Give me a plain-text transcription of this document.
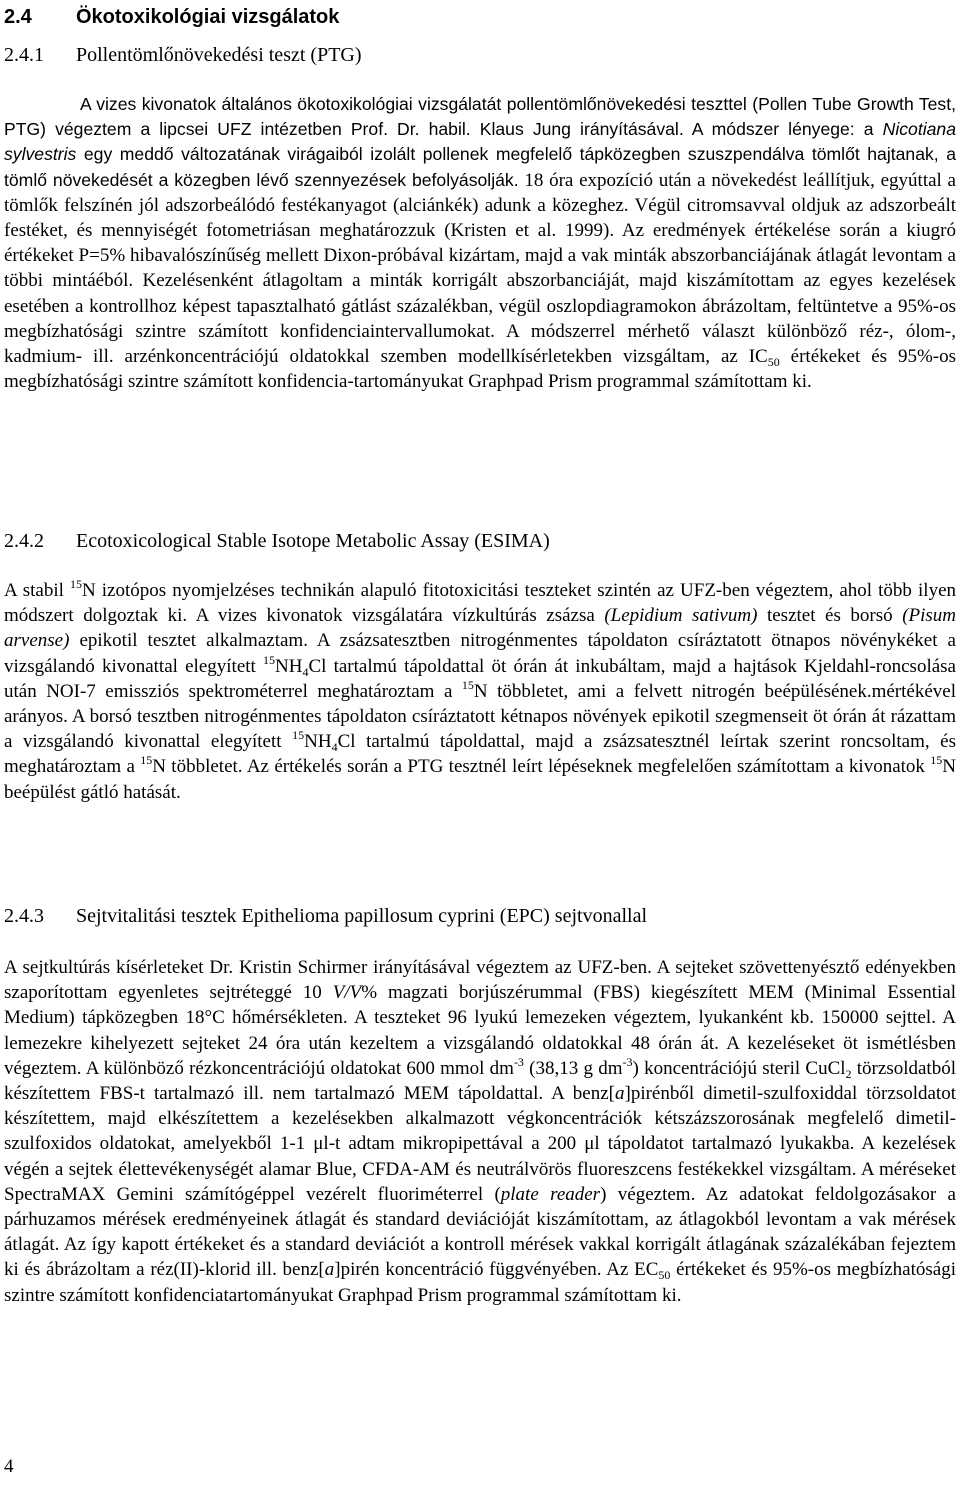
2.4 Ökotoxikológiai vizsgálatok
2.4.1 Pollentömlőnövekedési teszt (PTG)

A vizes kivonatok általános ökotoxikológiai vizsgálatát pollentömlőnövekedési teszttel (Pollen Tube Growth Test, PTG) végeztem a lipcsei UFZ intézetben Prof. Dr. habil. Klaus Jung irányításával. A módszer lényege: a Nicotiana sylvestris egy meddő változatának virágaiból izolált pollenek megfelelő tápközegben szuszpendálva tömlőt hajtanak, a tömlő növekedését a közegben lévő szennyezések befolyásolják. 18 óra expozíció után a növekedést leállítjuk, egyúttal a tömlők felszínén jól adszorbeálódó festékanyagot (alciánkék) adunk a közeghez. Végül citromsavval oldjuk az adszorbeált festéket, és mennyiségét fotometriásan meghatározzuk (Kristen et al. 1999). Az eredmények értékelése során a kiugró értékeket P=5% hibavalószínűség mellett Dixon-próbával kizártam, majd a vak minták abszorbanciájának átlagát levontam a többi mintáéból. Kezelésenként átlagoltam a minták korrigált abszorbanciáját, majd kiszámítottam az egyes kezelések esetében a kontrollhoz képest tapasztalható gátlást százalékban, végül oszlopdiagramokon ábrázoltam, feltüntetve a 95%-os megbízhatósági szintre számított konfidenciaintervallumokat. A módszerrel mérhető választ különböző réz-, ólom-, kadmium- ill. arzénkoncentrációjú oldatokkal szemben modellkísérletekben vizsgáltam, az $IC_{50}$ értékeket és 95%-os megbízhatósági szintre számított konfidencia-tartományukat Graphpad Prism programmal számítottam ki.

2.4.2 Ecotoxicological Stable Isotope Metabolic Assay (ESIMA)

A stabil $^{15}$N izotópos nyomjelzéses technikán alapuló fitotoxicitási teszteket szintén az UFZ-ben végeztem, ahol több ilyen módszert dolgoztak ki. A vizes kivonatok vizsgálatára vízkultúrás zsázsa (Lepidium sativum) tesztet és borsó (Pisum arvense) epikotil tesztet alkalmaztam. A zsázsatesztben nitrogénmentes tápoldaton csíráztatott ötnapos növénykéket a vizsgálandó kivonattal elegyített $^{15}NH_4Cl$ tartalmú tápoldattal öt órán át inkubáltam, majd a hajtások Kjeldahl-roncsolása után NOI-7 emissziós spektrométerrel meghatároztam a $^{15}$N többletet, ami a felvett nitrogén beépülésének.mértékével arányos. A borsó tesztben nitrogénmentes tápoldaton csíráztatott kétnapos növények epikotil szegmenseit öt órán át rázattam a vizsgálandó kivonattal elegyített $^{15}NH_4Cl$ tartalmú tápoldattal, majd a zsázsatesztnél leírtak szerint roncsoltam, és meghatároztam a $^{15}$N többletet. Az értékelés során a PTG tesztnél leírt lépéseknek megfelelően számítottam a kivonatok $^{15}$N beépülést gátló hatását.

2.4.3 Sejtvitalitási tesztek Epithelioma papillosum cyprini (EPC) sejtvonallal

A sejtkultúrás kísérleteket Dr. Kristin Schirmer irányításával végeztem az UFZ-ben. A sejteket szövettenyésztő edényekben szaporítottam egyenletes sejtréteggé 10 V/V% magzati borjúszérummal (FBS) kiegészített MEM (Minimal Essential Medium) tápközegben 18°C hőmérsékleten. A teszteket 96 lyukú lemezeken végeztem, lyukanként kb. 150000 sejttel. A lemezekre kihelyezett sejteket 24 óra után kezeltem a vizsgálandó oldatokkal 48 órán át. A kezeléseket öt ismétlésben végeztem. A különböző rézkoncentrációjú oldatokat 600 mmol $dm^{-3}$ (38,13 g $dm^{-3}$) koncentrációjú steril CuCl$_2$ törzsoldatból készítettem FBS-t tartalmazó ill. nem tartalmazó MEM tápoldattal. A benz[a]pirénből dimetil-szulfoxiddal törzsoldatot készítettem, majd elkészítettem a kezelésekben alkalmazott végkoncentrációk kétszázszorosának megfelelő dimetil-szulfoxidos oldatokat, amelyekből 1-1 μl-t adtam mikropipettával a 200 μl tápoldatot tartalmazó lyukakba. A kezelések végén a sejtek élettevékenységét alamar Blue, CFDA-AM és neutrálvörös fluoreszcens festékekkel vizsgáltam. A méréseket SpectraMAX Gemini számítógéppel vezérelt fluoriméterrel (plate reader) végeztem. Az adatokat feldolgozásakor a párhuzamos mérések eredményeinek átlagát és standard deviációját kiszámítottam, az átlagokból levontam a vak mérések átlagát. Az így kapott értékeket és a standard deviációt a kontroll mérések vakkal korrigált átlagának százalékában fejeztem ki és ábrázoltam a réz(II)-klorid ill. benz[a]pirén koncentráció függvényében. Az $EC_{50}$ értékeket és 95%-os megbízhatósági szintre számított konfidenciatartományukat Graphpad Prism programmal számítottam ki.

4
